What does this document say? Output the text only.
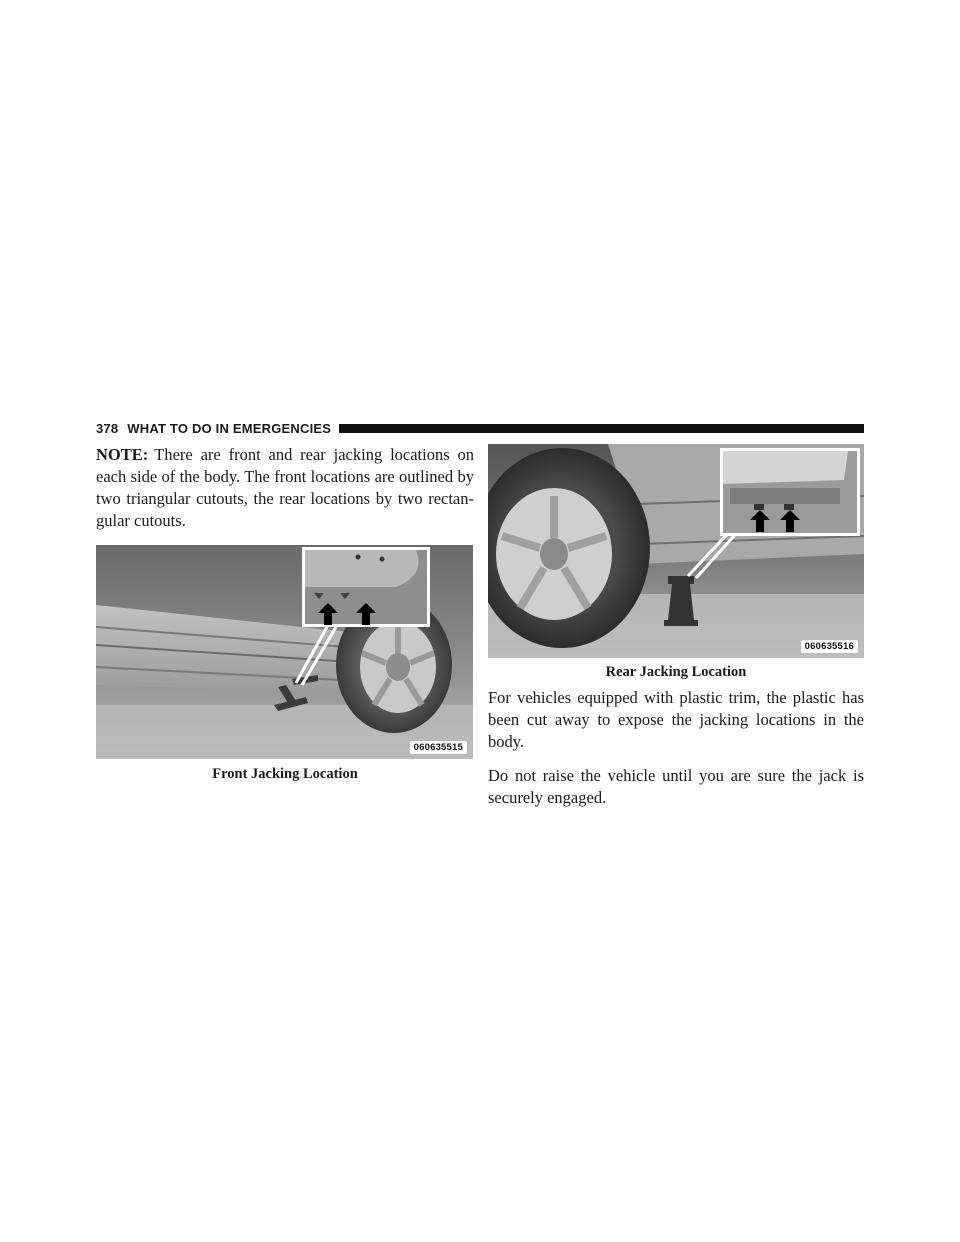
378 WHAT TO DO IN EMERGENCIES

NOTE: There are front and rear jacking locations on each side of the body. The front locations are outlined by two triangular cutouts, the rear locations by two rectan-gular cutouts.

060635515
Front Jacking Location
060635516
Rear Jacking Location

For vehicles equipped with plastic trim, the plastic has been cut away to expose the jacking locations in the body.

Do not raise the vehicle until you are sure the jack is securely engaged.
